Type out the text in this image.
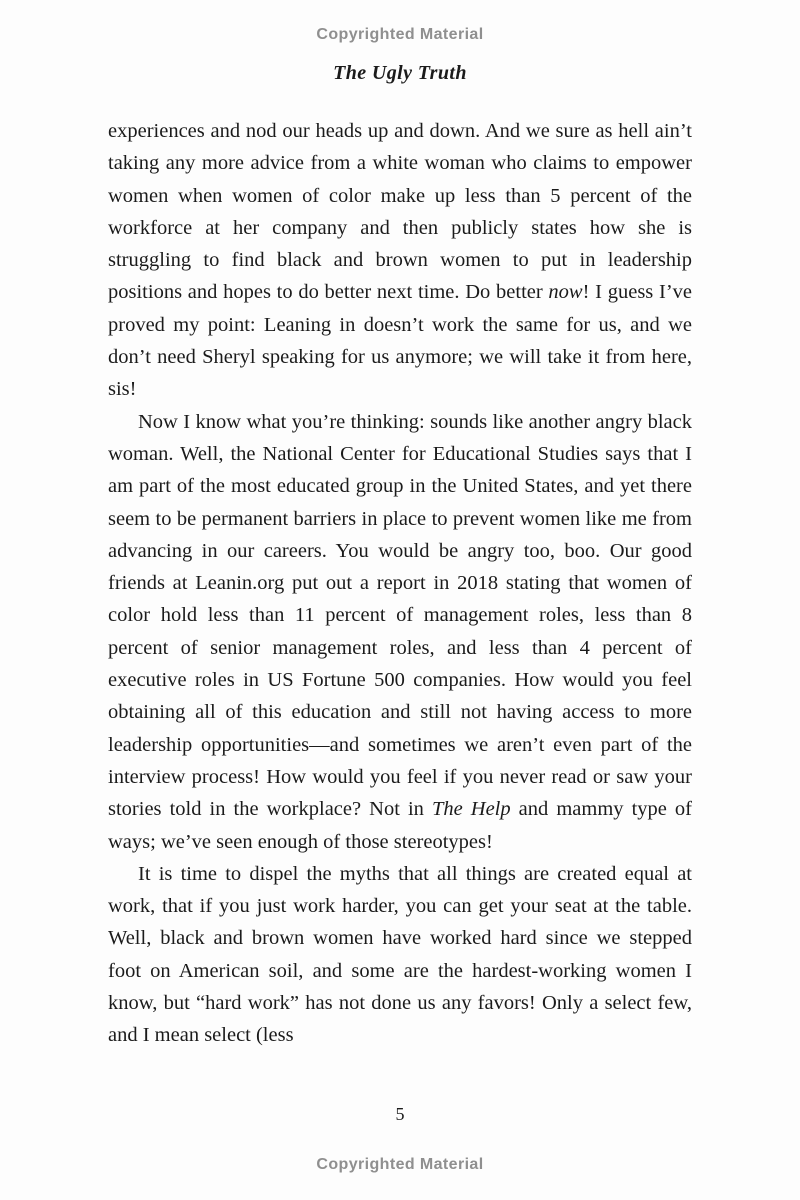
Copyrighted Material
The Ugly Truth

experiences and nod our heads up and down. And we sure as hell ain’t taking any more advice from a white woman who claims to empower women when women of color make up less than 5 percent of the workforce at her company and then publicly states how she is struggling to find black and brown women to put in leadership positions and hopes to do better next time. Do better now! I guess I’ve proved my point: Leaning in doesn’t work the same for us, and we don’t need Sheryl speaking for us anymore; we will take it from here, sis!

Now I know what you’re thinking: sounds like another angry black woman. Well, the National Center for Educational Studies says that I am part of the most educated group in the United States, and yet there seem to be permanent barriers in place to prevent women like me from advancing in our careers. You would be angry too, boo. Our good friends at Leanin.org put out a report in 2018 stating that women of color hold less than 11 percent of management roles, less than 8 percent of senior management roles, and less than 4 percent of executive roles in US Fortune 500 companies. How would you feel obtaining all of this education and still not having access to more leadership opportunities—and sometimes we aren’t even part of the interview process! How would you feel if you never read or saw your stories told in the workplace? Not in The Help and mammy type of ways; we’ve seen enough of those stereotypes!

It is time to dispel the myths that all things are created equal at work, that if you just work harder, you can get your seat at the table. Well, black and brown women have worked hard since we stepped foot on American soil, and some are the hardest-working women I know, but “hard work” has not done us any favors! Only a select few, and I mean select (less

5
Copyrighted Material
